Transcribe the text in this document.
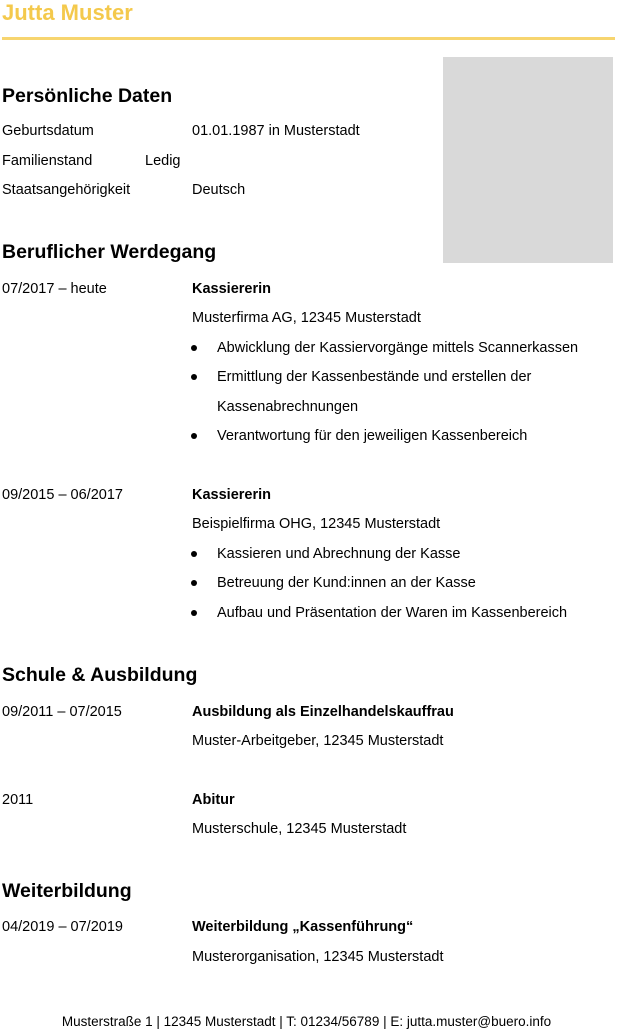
Jutta Muster
Persönliche Daten
Geburtsdatum	01.01.1987 in Musterstadt
Familienstand	Ledig
Staatsangehörigkeit	Deutsch
Beruflicher Werdegang
07/2017 – heute	Kassiererin
Musterfirma AG, 12345 Musterstadt
Abwicklung der Kassiervorgänge mittels Scannerkassen
Ermittlung der Kassenbestände und erstellen der
Kassenabrechnungen
Verantwortung für den jeweiligen Kassenbereich
09/2015 – 06/2017	Kassiererin
Beispielfirma OHG, 12345 Musterstadt
Kassieren und Abrechnung der Kasse
Betreuung der Kund:innen an der Kasse
Aufbau und Präsentation der Waren im Kassenbereich
Schule & Ausbildung
09/2011 – 07/2015	Ausbildung als Einzelhandelskauffrau
Muster-Arbeitgeber, 12345 Musterstadt
2011	Abitur
Musterschule, 12345 Musterstadt
Weiterbildung
04/2019 – 07/2019	Weiterbildung „Kassenführung“
Musterorganisation, 12345 Musterstadt
Musterstraße 1 | 12345 Musterstadt | T: 01234/56789 | E: jutta.muster@buero.info
